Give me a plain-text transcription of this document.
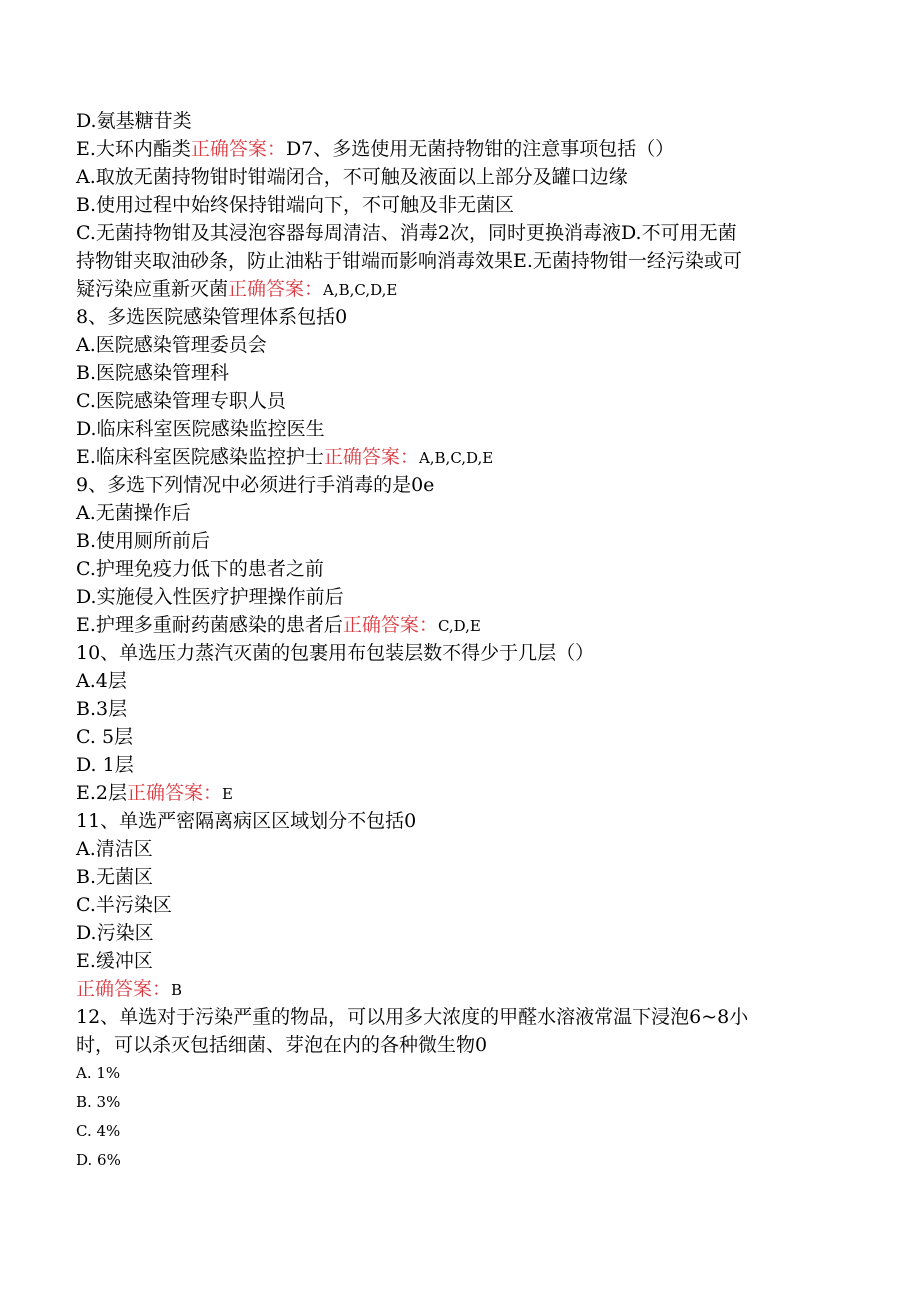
D.氨基糖苷类
E.大环内酯类正确答案：D7、多选使用无菌持物钳的注意事项包括（）
A.取放无菌持物钳时钳端闭合，不可触及液面以上部分及罐口边缘
B.使用过程中始终保持钳端向下，不可触及非无菌区
C.无菌持物钳及其浸泡容器每周清洁、消毒2次，同时更换消毒液D.不可用无菌
持物钳夹取油砂条，防止油粘于钳端而影响消毒效果E.无菌持物钳一经污染或可
疑污染应重新灭菌正确答案：A,B,C,D,E
8、多选医院感染管理体系包括0
A.医院感染管理委员会
B.医院感染管理科
C.医院感染管理专职人员
D.临床科室医院感染监控医生
E.临床科室医院感染监控护士正确答案：A,B,C,D,E
9、多选下列情况中必须进行手消毒的是0e
A.无菌操作后
B.使用厕所前后
C.护理免疫力低下的患者之前
D.实施侵入性医疗护理操作前后
E.护理多重耐药菌感染的患者后正确答案：C,D,E
10、单选压力蒸汽灭菌的包裹用布包装层数不得少于几层（）
A.4层
B.3层
C. 5层
D. 1层
E.2层正确答案：E
11、单选严密隔离病区区域划分不包括0
A.清洁区
B.无菌区
C.半污染区
D.污染区
E.缓冲区
正确答案：B
12、单选对于污染严重的物品，可以用多大浓度的甲醛水溶液常温下浸泡6~8小
时，可以杀灭包括细菌、芽泡在内的各种微生物0
A. 1%
B. 3%
C. 4%
D. 6%
